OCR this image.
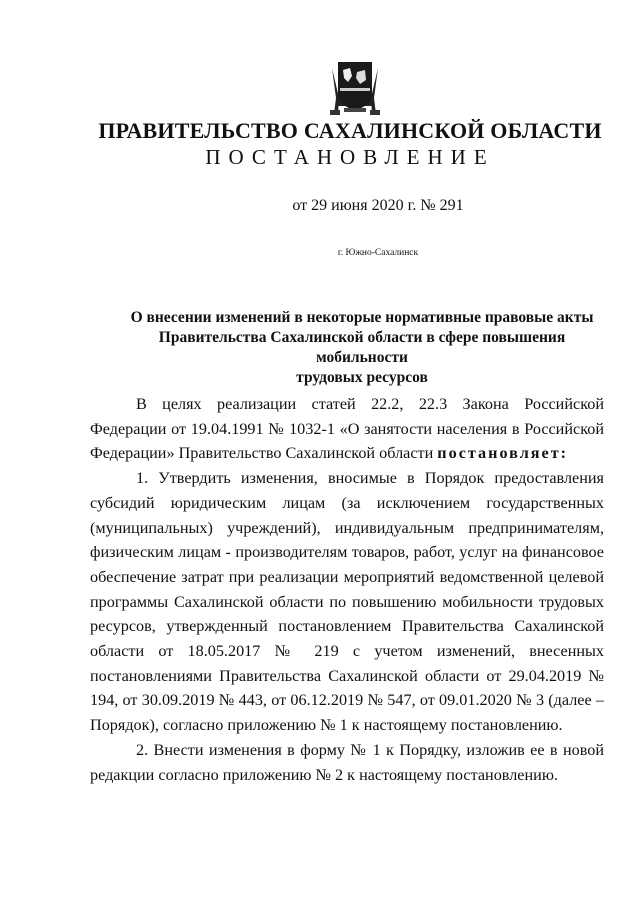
ПРАВИТЕЛЬСТВО САХАЛИНСКОЙ ОБЛАСТИ
ПОСТАНОВЛЕНИЕ
от 29 июня 2020 г. № 291
г. Южно-Сахалинск
О внесении изменений в некоторые нормативные правовые акты
Правительства Сахалинской области в сфере повышения мобильности
трудовых ресурсов

В целях реализации статей 22.2, 22.3 Закона Российской Федерации от 19.04.1991 № 1032-1 «О занятости населения в Российской Федерации» Правительство Сахалинской области постановляет:

1. Утвердить изменения, вносимые в Порядок предоставления субсидий юридическим лицам (за исключением государственных (муниципальных) учреждений), индивидуальным предпринимателям, физическим лицам - производителям товаров, работ, услуг на финансовое обеспечение затрат при реализации мероприятий ведомственной целевой программы Сахалинской области по повышению мобильности трудовых ресурсов, утвержденный постановлением Правительства Сахалинской области от 18.05.2017 № 219 с учетом изменений, внесенных постановлениями Правительства Сахалинской области от 29.04.2019 № 194, от 30.09.2019 № 443, от 06.12.2019 № 547, от 09.01.2020 № 3 (далее – Порядок), согласно приложению № 1 к настоящему постановлению.

2. Внести изменения в форму № 1 к Порядку, изложив ее в новой редакции согласно приложению № 2 к настоящему постановлению.
